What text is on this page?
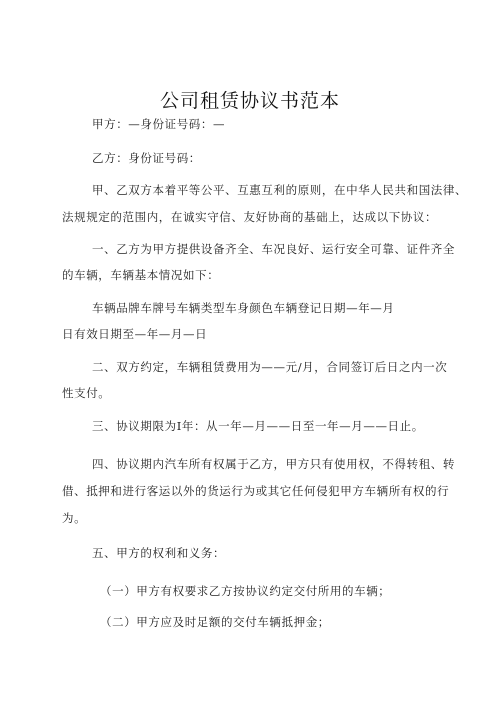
公司租赁协议书范本
甲方：—身份证号码：—
乙方：身份证号码：
甲、乙双方本着平等公平、互惠互利的原则，在中华人民共和国法律、
法规规定的范围内，在诚实守信、友好协商的基础上，达成以下协议：
一、乙方为甲方提供设备齐全、车况良好、运行安全可靠、证件齐全
的车辆，车辆基本情况如下：
车辆品牌车牌号车辆类型车身颜色车辆登记日期—年—月
日有效日期至—年—月—日
二、双方约定，车辆租赁费用为——元/月，合同签订后日之内一次
性支付。
三、协议期限为Ⅰ年：从一年—月——日至一年—月——日止。
四、协议期内汽车所有权属于乙方，甲方只有使用权，不得转租、转
借、抵押和进行客运以外的货运行为或其它任何侵犯甲方车辆所有权的行
为。
五、甲方的权利和义务：
（一）甲方有权要求乙方按协议约定交付所用的车辆；
（二）甲方应及时足额的交付车辆抵押金；
